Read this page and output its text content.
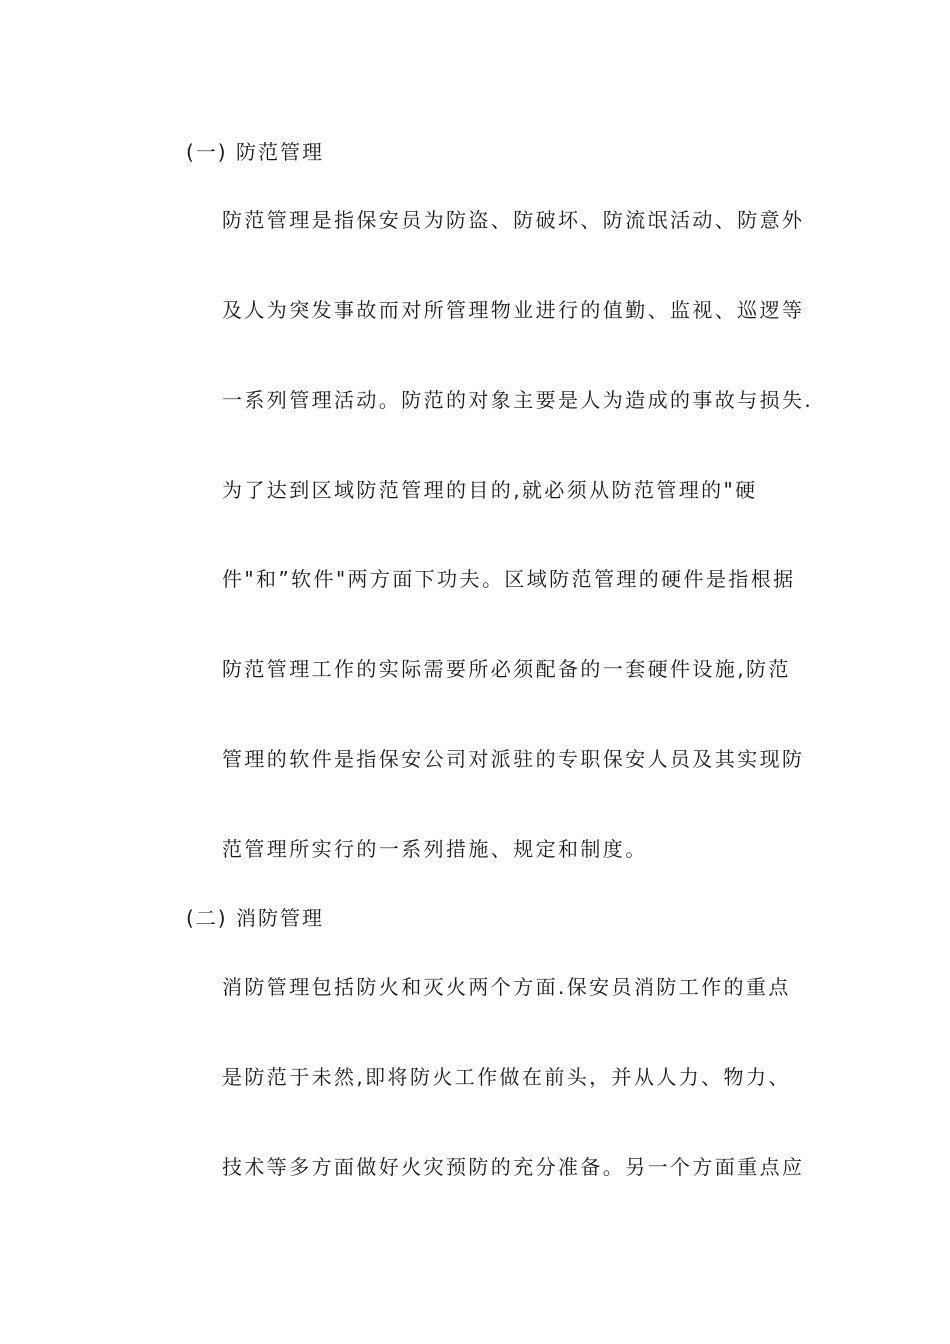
(一) 防范管理
防范管理是指保安员为防盗、防破坏、防流氓活动、防意外
及人为突发事故而对所管理物业进行的值勤、监视、巡逻等
一系列管理活动。防范的对象主要是人为造成的事故与损失.
为了达到区域防范管理的目的,就必须从防范管理的"硬
件"和”软件"两方面下功夫。区域防范管理的硬件是指根据
防范管理工作的实际需要所必须配备的一套硬件设施,防范
管理的软件是指保安公司对派驻的专职保安人员及其实现防
范管理所实行的一系列措施、规定和制度。
(二) 消防管理
消防管理包括防火和灭火两个方面.保安员消防工作的重点
是防范于未然,即将防火工作做在前头，并从人力、物力、
技术等多方面做好火灾预防的充分准备。另一个方面重点应
